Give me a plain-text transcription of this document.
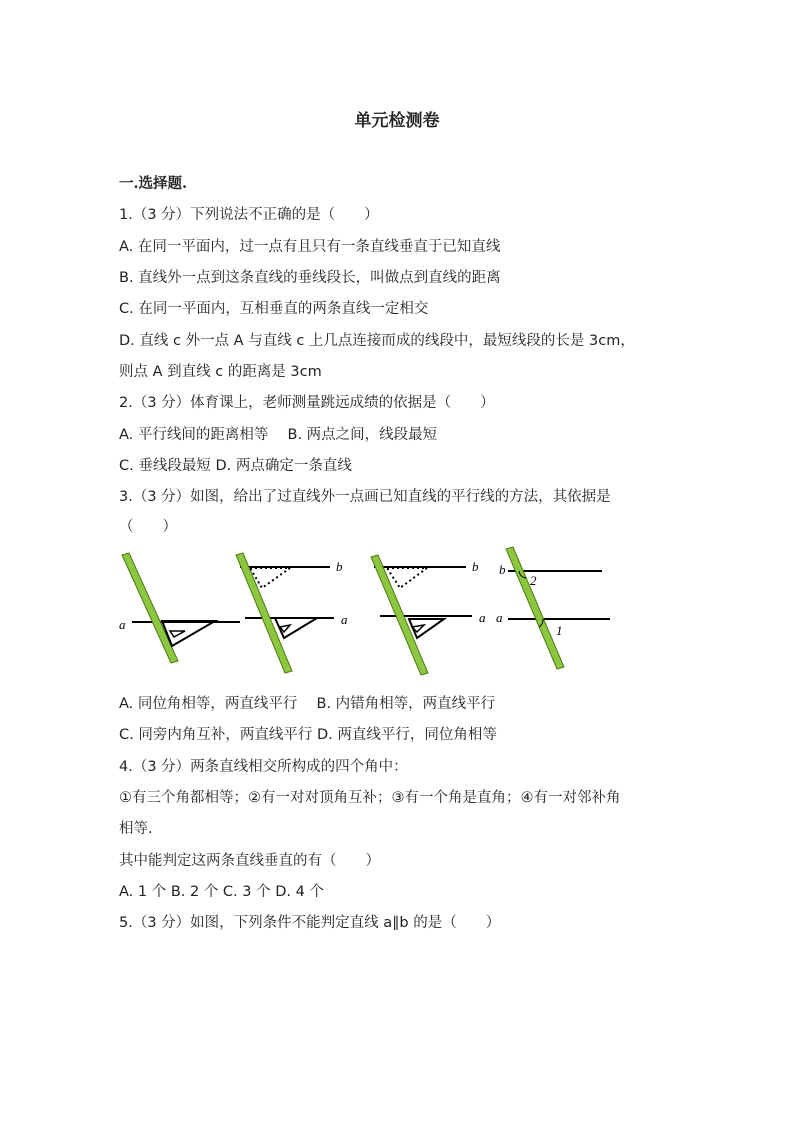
单元检测卷
一.选择题.
1.（3 分）下列说法不正确的是（　　）
A. 在同一平面内，过一点有且只有一条直线垂直于已知直线
B. 直线外一点到这条直线的垂线段长，叫做点到直线的距离
C. 在同一平面内，互相垂直的两条直线一定相交
D. 直线 c 外一点 A 与直线 c 上几点连接而成的线段中，最短线段的长是 3cm，
则点 A 到直线 c 的距离是 3cm
2.（3 分）体育课上，老师测量跳远成绩的依据是（　　）
A. 平行线间的距离相等　 B. 两点之间，线段最短
C. 垂线段最短 D. 两点确定一条直线
3.（3 分）如图，给出了过直线外一点画已知直线的平行线的方法，其依据是
（　　）
a
b
a
b
a
b
a
2
1
A. 同位角相等，两直线平行　 B. 内错角相等，两直线平行
C. 同旁内角互补，两直线平行 D. 两直线平行，同位角相等
4.（3 分）两条直线相交所构成的四个角中：
①有三个角都相等；②有一对对顶角互补；③有一个角是直角；④有一对邻补角
相等.
其中能判定这两条直线垂直的有（　　）
A. 1 个 B. 2 个 C. 3 个 D. 4 个
5.（3 分）如图，下列条件不能判定直线 a∥b 的是（　　）
